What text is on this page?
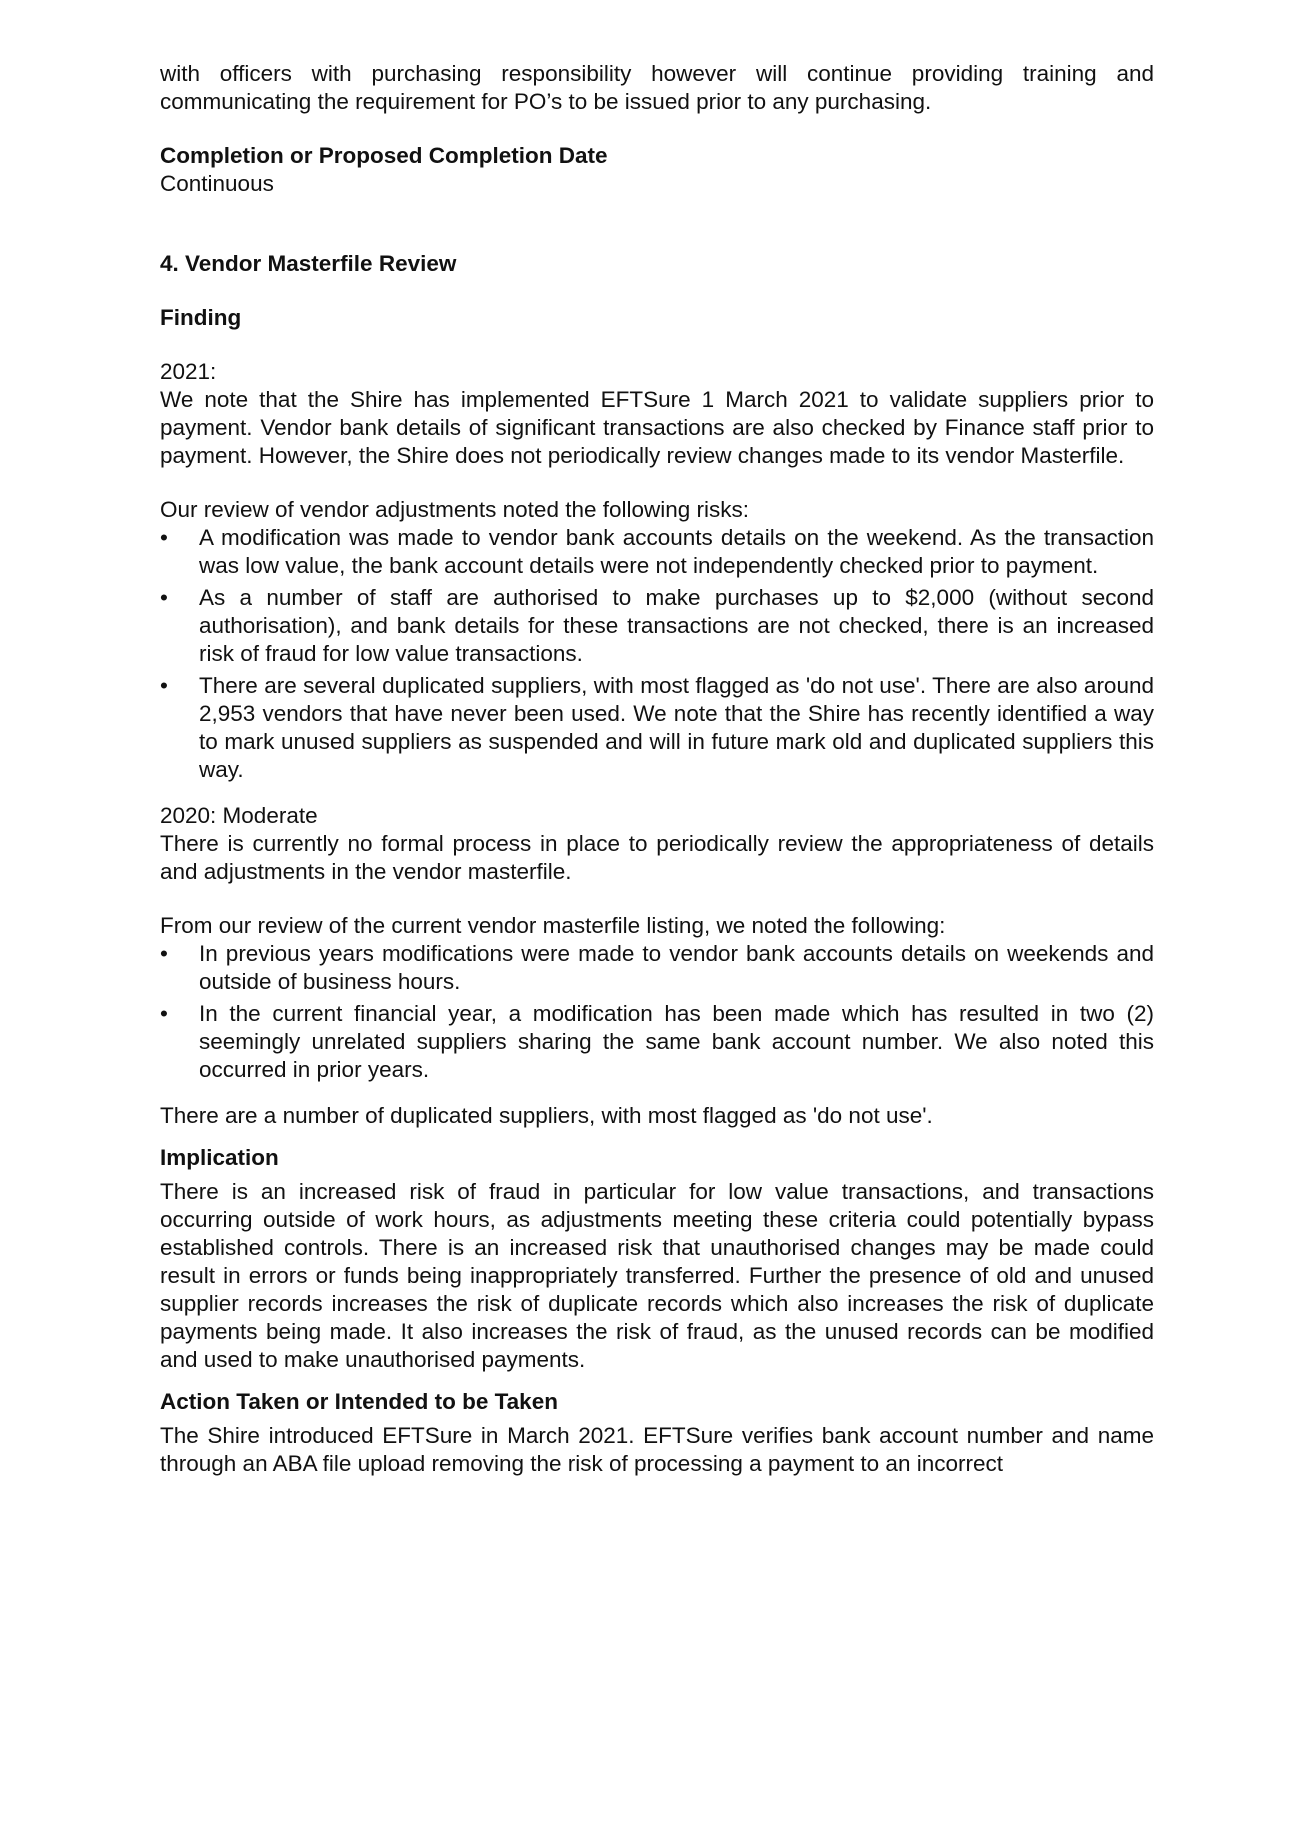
with officers with purchasing responsibility however will continue providing training and communicating the requirement for PO’s to be issued prior to any purchasing.

Completion or Proposed Completion Date
Continuous
4. Vendor Masterfile Review
Finding
2021:

We note that the Shire has implemented EFTSure 1 March 2021 to validate suppliers prior to payment. Vendor bank details of significant transactions are also checked by Finance staff prior to payment. However, the Shire does not periodically review changes made to its vendor Masterfile.

Our review of vendor adjustments noted the following risks:
• A modification was made to vendor bank accounts details on the weekend. As the transaction was low value, the bank account details were not independently checked prior to payment.
• As a number of staff are authorised to make purchases up to $2,000 (without second authorisation), and bank details for these transactions are not checked, there is an increased risk of fraud for low value transactions.
• There are several duplicated suppliers, with most flagged as 'do not use'. There are also around 2,953 vendors that have never been used. We note that the Shire has recently identified a way to mark unused suppliers as suspended and will in future mark old and duplicated suppliers this way.
2020: Moderate

There is currently no formal process in place to periodically review the appropriateness of details and adjustments in the vendor masterfile.

From our review of the current vendor masterfile listing, we noted the following:
• In previous years modifications were made to vendor bank accounts details on weekends and outside of business hours.
• In the current financial year, a modification has been made which has resulted in two (2) seemingly unrelated suppliers sharing the same bank account number. We also noted this occurred in prior years.

There are a number of duplicated suppliers, with most flagged as 'do not use'.

Implication

There is an increased risk of fraud in particular for low value transactions, and transactions occurring outside of work hours, as adjustments meeting these criteria could potentially bypass established controls. There is an increased risk that unauthorised changes may be made could result in errors or funds being inappropriately transferred. Further the presence of old and unused supplier records increases the risk of duplicate records which also increases the risk of duplicate payments being made. It also increases the risk of fraud, as the unused records can be modified and used to make unauthorised payments.

Action Taken or Intended to be Taken

The Shire introduced EFTSure in March 2021. EFTSure verifies bank account number and name through an ABA file upload removing the risk of processing a payment to an incorrect
